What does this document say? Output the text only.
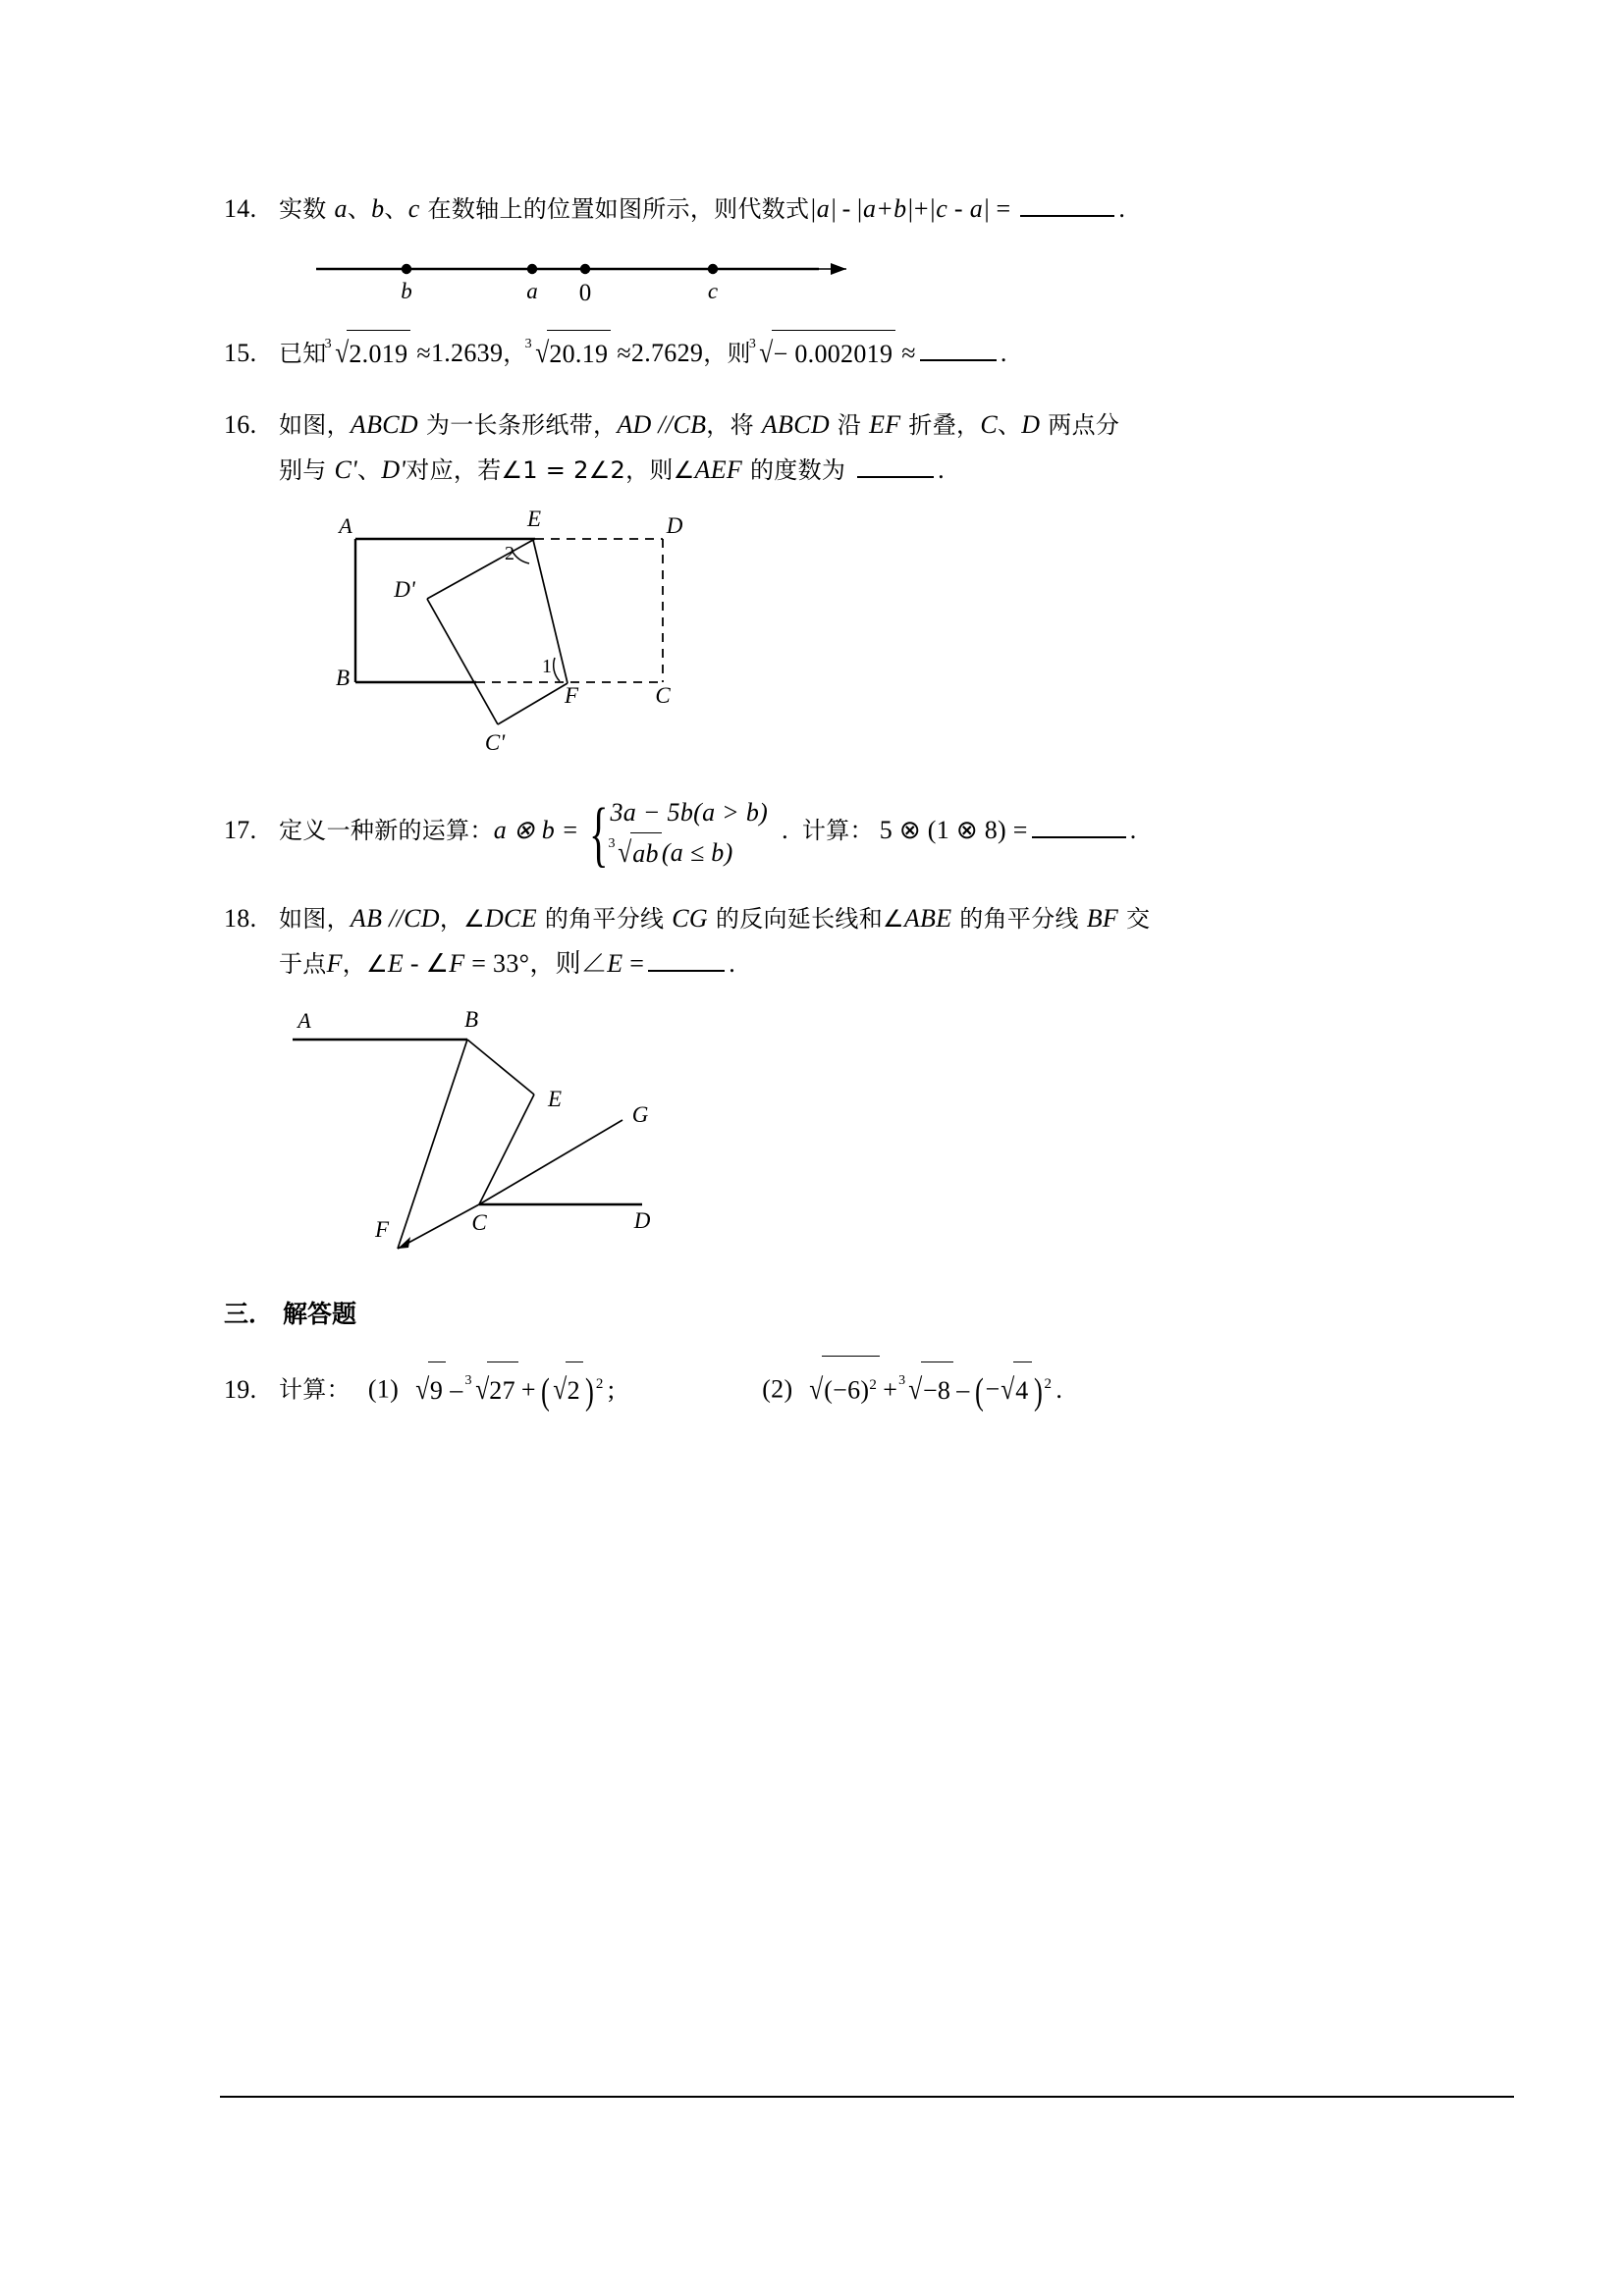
14. 实数 a、b、c 在数轴上的位置如图所示，则代数式|a| - |a+b|+|c - a| =	.
b	a 0	c
15. 已知
3 √2.019 ≈1.2639，
3 √20.19 ≈2.7629，则
3 √− 0.002019 ≈	.
16. 如图，ABCD 为一长条形纸带，AD //CB，将 ABCD 沿 EF 折叠，C、D 两点分
别与 C'、D'对应，若∠1 = 2∠2，则∠AEF 的度数为	.
A	E	D
D'
B
2
1
F	C
C'
17. 定义一种新的运算：a ⊗ b = { 3a − 5b(a > b)
3 √ab (a ≤ b)
. 计算： 5 ⊗ (1 ⊗ 8) =	.
18. 如图，AB //CD，∠DCE 的角平分线 CG 的反向延长线和∠ABE 的角平分线 BF 交
于点F，∠E - ∠F = 33°，则∠E =	.
A	B
E
G
F	C	D
三． 解答题
19. 计算： (1) √9 – 3 √27 + ( √2 ) $^2$ ;	(2) $√(-6)^2 + 3$ √−8 – (−√4 ) $^2$ .
